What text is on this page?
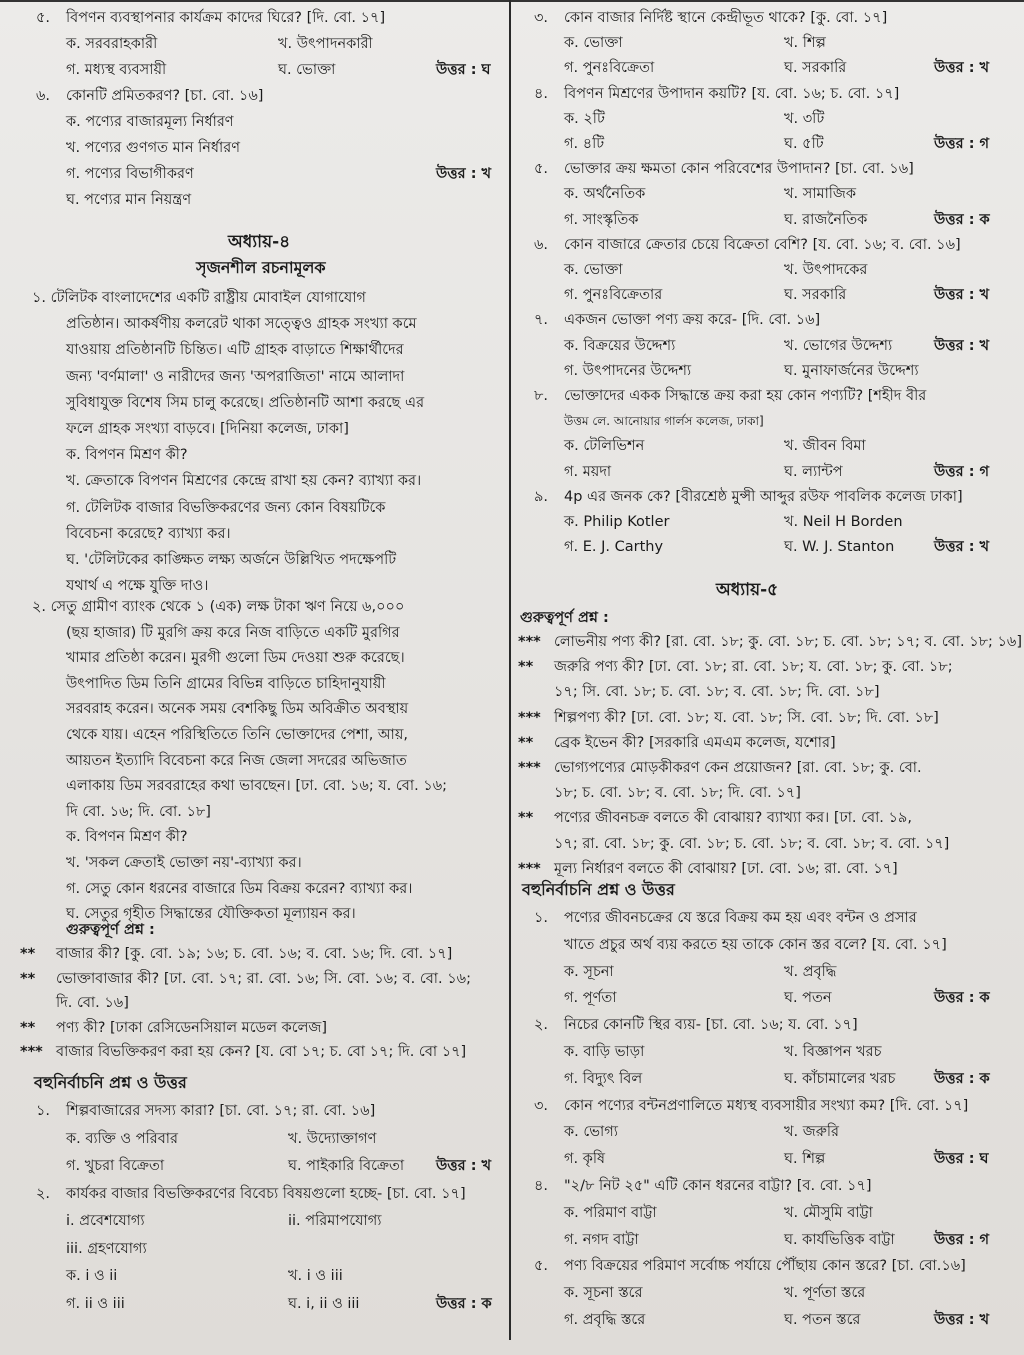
৫. বিপণন ব্যবস্থাপনার কার্যক্রম কাদের ঘিরে? [দি. বো. ১৭]
ক. সরবরাহকারী	খ. উৎপাদনকারী
গ. মধ্যস্থ ব্যবসায়ী	ঘ. ভোক্তা	উত্তর : ঘ
৬. কোনটি প্রমিতকরণ? [চা. বো. ১৬]
ক. পণ্যের বাজারমূল্য নির্ধারণ
খ. পণ্যের গুণগত মান নির্ধারণ
গ. পণ্যের বিভাগীকরণ	উত্তর : খ
ঘ. পণ্যের মান নিয়ন্ত্রণ
অধ্যায়-৪
সৃজনশীল রচনামূলক
১. টেলিটক বাংলাদেশের একটি রাষ্ট্রীয় মোবাইল যোগাযোগ
প্রতিষ্ঠান। আকর্ষণীয় কলরেট থাকা সত্ত্বেও গ্রাহক সংখ্যা কমে
যাওয়ায় প্রতিষ্ঠানটি চিন্তিত। এটি গ্রাহক বাড়াতে শিক্ষার্থীদের
জন্য 'বর্ণমালা' ও নারীদের জন্য 'অপরাজিতা' নামে আলাদা
সুবিধাযুক্ত বিশেষ সিম চালু করেছে। প্রতিষ্ঠানটি আশা করছে এর
ফলে গ্রাহক সংখ্যা বাড়বে। [দিনিয়া কলেজ, ঢাকা]
ক. বিপণন মিশ্রণ কী?
খ. ক্রেতাকে বিপণন মিশ্রণের কেন্দ্রে রাখা হয় কেন? ব্যাখ্যা কর।
গ. টেলিটক বাজার বিভক্তিকরণের জন্য কোন বিষয়টিকে
বিবেচনা করেছে? ব্যাখ্যা কর।
ঘ. 'টেলিটকের কাঙ্ক্ষিত লক্ষ্য অর্জনে উল্লিখিত পদক্ষেপটি
যথার্থ এ পক্ষে যুক্তি দাও।
২. সেতু গ্রামীণ ব্যাংক থেকে ১ (এক) লক্ষ টাকা ঋণ নিয়ে ৬,০০০
(ছয় হাজার) টি মুরগি ক্রয় করে নিজ বাড়িতে একটি মুরগির
খামার প্রতিষ্ঠা করেন। মুরগী গুলো ডিম দেওয়া শুরু করেছে।
উৎপাদিত ডিম তিনি গ্রামের বিভিন্ন বাড়িতে চাহিদানুযায়ী
সরবরাহ করেন। অনেক সময় বেশকিছু ডিম অবিক্রীত অবস্থায়
থেকে যায়। এহেন পরিস্থিতিতে তিনি ভোক্তাদের পেশা, আয়,
আয়তন ইত্যাদি বিবেচনা করে নিজ জেলা সদরের অভিজাত
এলাকায় ডিম সরবরাহের কথা ভাবছেন। [ঢা. বো. ১৬; য. বো. ১৬;
দি বো. ১৬; দি. বো. ১৮]
ক. বিপণন মিশ্রণ কী?
খ. 'সকল ক্রেতাই ভোক্তা নয়'-ব্যাখ্যা কর।
গ. সেতু কোন ধরনের বাজারে ডিম বিক্রয় করেন? ব্যাখ্যা কর।
ঘ. সেতুর গৃহীত সিদ্ধান্তের যৌক্তিকতা মূল্যায়ন কর।
গুরুত্বপূর্ণ প্রশ্ন :
** বাজার কী? [কু. বো. ১৯; ১৬; চ. বো. ১৬; ব. বো. ১৬; দি. বো. ১৭]
** ভোক্তাবাজার কী? [ঢা. বো. ১৭; রা. বো. ১৬; সি. বো. ১৬; ব. বো. ১৬;
দি. বো. ১৬]
** পণ্য কী? [ঢাকা রেসিডেনসিয়াল মডেল কলেজ]
*** বাজার বিভক্তিকরণ করা হয় কেন? [য. বো ১৭; চ. বো ১৭; দি. বো ১৭]
বহুনির্বাচনি প্রশ্ন ও উত্তর
১. শিল্পবাজারের সদস্য কারা? [চা. বো. ১৭; রা. বো. ১৬]
ক. ব্যক্তি ও পরিবার	খ. উদ্যোক্তাগণ
গ. খুচরা বিক্রেতা	ঘ. পাইকারি বিক্রেতা উত্তর : খ
২. কার্যকর বাজার বিভক্তিকরণের বিবেচ্য বিষয়গুলো হচ্ছে- [চা. বো. ১৭]
i. প্রবেশযোগ্য	ii. পরিমাপযোগ্য
iii. গ্রহণযোগ্য
ক. i ও ii	খ. i ও iii
গ. ii ও iii	ঘ. i, ii ও iii	উত্তর : ক
৩. কোন বাজার নির্দিষ্ট স্থানে কেন্দ্রীভূত থাকে? [কু. বো. ১৭]
ক. ভোক্তা	খ. শিল্প
গ. পুনঃবিক্রেতা	ঘ. সরকারি	উত্তর : খ
৪. বিপণন মিশ্রণের উপাদান কয়টি? [য. বো. ১৬; চ. বো. ১৭]
ক. ২টি	খ. ৩টি
গ. ৪টি	ঘ. ৫টি	উত্তর : গ
৫. ভোক্তার ক্রয় ক্ষমতা কোন পরিবেশের উপাদান? [চা. বো. ১৬]
ক. অর্থনৈতিক	খ. সামাজিক
গ. সাংস্কৃতিক	ঘ. রাজনৈতিক	উত্তর : ক
৬. কোন বাজারে ক্রেতার চেয়ে বিক্রেতা বেশি? [য. বো. ১৬; ব. বো. ১৬]
ক. ভোক্তা	খ. উৎপাদকের
গ. পুনঃবিক্রেতার	ঘ. সরকারি	উত্তর : খ
৭. একজন ভোক্তা পণ্য ক্রয় করে- [দি. বো. ১৬]
ক. বিক্রয়ের উদ্দেশ্য	খ. ভোগের উদ্দেশ্য	উত্তর : খ
গ. উৎপাদনের উদ্দেশ্য	ঘ. মুনাফার্জনের উদ্দেশ্য
৮. ভোক্তাদের একক সিদ্ধান্তে ক্রয় করা হয় কোন পণ্যটি? [শহীদ বীর
উত্তম লে. আনোয়ার গার্লস কলেজ, ঢাকা]
ক. টেলিভিশন	খ. জীবন বিমা
গ. ময়দা	ঘ. ল্যান্টপ	উত্তর : গ
৯. 4p এর জনক কে? [বীরশ্রেষ্ঠ মুন্সী আব্দুর রউফ পাবলিক কলেজ ঢাকা]
ক. Philip Kotler	খ. Neil H Borden
গ. E. J. Carthy	ঘ. W. J. Stanton	উত্তর : খ
অধ্যায়-৫
গুরুত্বপূর্ণ প্রশ্ন :
*** লোভনীয় পণ্য কী? [রা. বো. ১৮; কু. বো. ১৮; চ. বো. ১৮; ১৭; ব. বো. ১৮; ১৬]
** জরুরি পণ্য কী? [ঢা. বো. ১৮; রা. বো. ১৮; য. বো. ১৮; কু. বো. ১৮;
১৭; সি. বো. ১৮; চ. বো. ১৮; ব. বো. ১৮; দি. বো. ১৮]
*** শিল্পপণ্য কী? [ঢা. বো. ১৮; য. বো. ১৮; সি. বো. ১৮; দি. বো. ১৮]
** ব্রেক ইভেন কী? [সরকারি এমএম কলেজ, যশোর]
*** ভোগ্যপণ্যের মোড়কীকরণ কেন প্রয়োজন? [রা. বো. ১৮; কু. বো.
১৮; চ. বো. ১৮; ব. বো. ১৮; দি. বো. ১৭]
** পণ্যের জীবনচক্র বলতে কী বোঝায়? ব্যাখ্যা কর। [ঢা. বো. ১৯,
১৭; রা. বো. ১৮; কু. বো. ১৮; চ. বো. ১৮; ব. বো. ১৮; ব. বো. ১৭]
*** মূল্য নির্ধারণ বলতে কী বোঝায়? [ঢা. বো. ১৬; রা. বো. ১৭]
বহুনির্বাচনি প্রশ্ন ও উত্তর
১. পণ্যের জীবনচক্রের যে স্তরে বিক্রয় কম হয় এবং বন্টন ও প্রসার
খাতে প্রচুর অর্থ ব্যয় করতে হয় তাকে কোন স্তর বলে? [য. বো. ১৭]
ক. সূচনা	খ. প্রবৃদ্ধি
গ. পূর্ণতা	ঘ. পতন	উত্তর : ক
২. নিচের কোনটি স্থির ব্যয়- [চা. বো. ১৬; য. বো. ১৭]
ক. বাড়ি ভাড়া	খ. বিজ্ঞাপন খরচ
গ. বিদ্যুৎ বিল	ঘ. কাঁচামালের খরচ	উত্তর : ক
৩. কোন পণ্যের বন্টনপ্রণালিতে মধ্যস্থ ব্যবসায়ীর সংখ্যা কম? [দি. বো. ১৭]
ক. ভোগ্য	খ. জরুরি
গ. কৃষি	ঘ. শিল্প	উত্তর : ঘ
৪. "২/৮ নিট ২৫" এটি কোন ধরনের বাট্টা? [ব. বো. ১৭]
ক. পরিমাণ বাট্টা	খ. মৌসুমি বাট্টা
গ. নগদ বাট্টা	ঘ. কার্যভিত্তিক বাট্টা	উত্তর : গ
৫. পণ্য বিক্রয়ের পরিমাণ সর্বোচ্চ পর্যায়ে পৌঁছায় কোন স্তরে? [চা. বো.১৬]
ক. সূচনা স্তরে	খ. পূর্ণতা স্তরে
গ. প্রবৃদ্ধি স্তরে	ঘ. পতন স্তরে	উত্তর : খ
